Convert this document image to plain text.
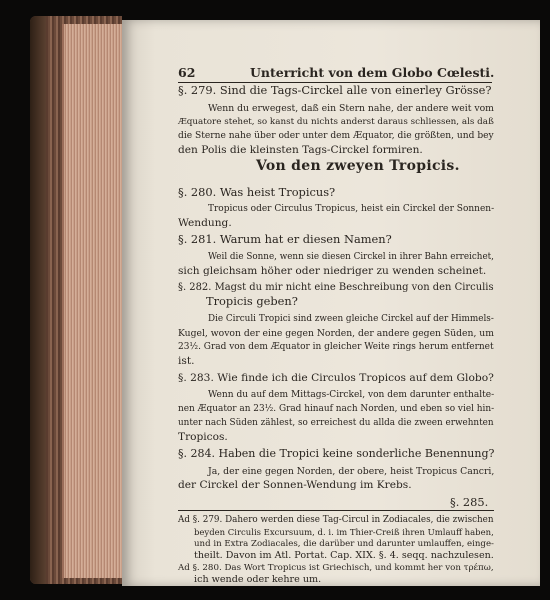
62	Unterricht von dem Globo Cœlesti.
§. 279. Sind die Tags-Circkel alle von einerley Grösse?
Wenn du erwegest, daß ein Stern nahe, der andere weit vom
Æquatore stehet, so kanst du nichts anderst daraus schliessen, als daß
die Sterne nahe über oder unter dem Æquator, die größten, und bey
den Polis die kleinsten Tags-Circkel formiren.
Von den zweyen Tropicis.
§. 280. Was heist Tropicus?
Tropicus oder Circulus Tropicus, heist ein Circkel der Sonnen-
Wendung.
§. 281. Warum hat er diesen Namen?
Weil die Sonne, wenn sie diesen Circkel in ihrer Bahn erreichet,
sich gleichsam höher oder niedriger zu wenden scheinet.
§. 282. Magst du mir nicht eine Beschreibung von den Circulis
Tropicis geben?
Die Circuli Tropici sind zween gleiche Circkel auf der Himmels-
Kugel, wovon der eine gegen Norden, der andere gegen Süden, um
23½. Grad von dem Æquator in gleicher Weite rings herum entfernet
ist.
§. 283. Wie finde ich die Circulos Tropicos auf dem Globo?
Wenn du auf dem Mittags-Circkel, von dem darunter enthalte-
nen Æquator an 23½. Grad hinauf nach Norden, und eben so viel hin-
unter nach Süden zählest, so erreichest du allda die zween erwehnten
Tropicos.
§. 284. Haben die Tropici keine sonderliche Benennung?
Ja, der eine gegen Norden, der obere, heist Tropicus Cancri,
der Circkel der Sonnen-Wendung im Krebs.
§. 285.
Ad §. 279. Dahero werden diese Tag-Circul in Zodiacales, die zwischen
beyden Circulis Excursuum, d. i. im Thier-Creiß ihren Umlauff haben,
und in Extra Zodiacales, die darüber und darunter umlauffen, einge-
theilt. Davon im Atl. Portat. Cap. XIX. §. 4. seqq. nachzulesen.
Ad §. 280. Das Wort Tropicus ist Griechisch, und kommt her von τρέπω,
ich wende oder kehre um.
